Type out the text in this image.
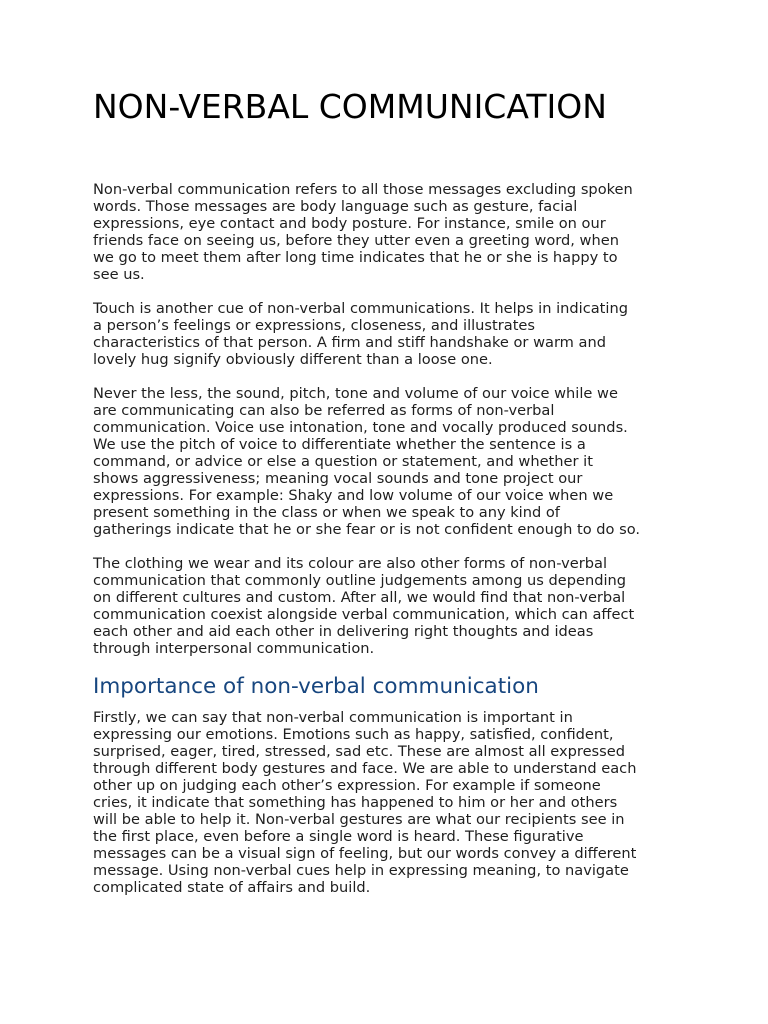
NON-VERBAL COMMUNICATION

Non-verbal communication refers to all those messages excluding spoken
words. Those messages are body language such as gesture, facial
expressions, eye contact and body posture. For instance, smile on our
friends face on seeing us, before they utter even a greeting word, when
we go to meet them after long time indicates that he or she is happy to
see us.

Touch is another cue of non-verbal communications. It helps in indicating
a person’s feelings or expressions, closeness, and illustrates
characteristics of that person. A firm and stiff handshake or warm and
lovely hug signify obviously different than a loose one.

Never the less, the sound, pitch, tone and volume of our voice while we
are communicating can also be referred as forms of non-verbal
communication. Voice use intonation, tone and vocally produced sounds.
We use the pitch of voice to differentiate whether the sentence is a
command, or advice or else a question or statement, and whether it
shows aggressiveness; meaning vocal sounds and tone project our
expressions. For example: Shaky and low volume of our voice when we
present something in the class or when we speak to any kind of
gatherings indicate that he or she fear or is not confident enough to do so.

The clothing we wear and its colour are also other forms of non-verbal
communication that commonly outline judgements among us depending
on different cultures and custom. After all, we would find that non-verbal
communication coexist alongside verbal communication, which can affect
each other and aid each other in delivering right thoughts and ideas
through interpersonal communication.

Importance of non-verbal communication

Firstly, we can say that non-verbal communication is important in
expressing our emotions. Emotions such as happy, satisfied, confident,
surprised, eager, tired, stressed, sad etc. These are almost all expressed
through different body gestures and face. We are able to understand each
other up on judging each other’s expression. For example if someone
cries, it indicate that something has happened to him or her and others
will be able to help it. Non-verbal gestures are what our recipients see in
the first place, even before a single word is heard. These figurative
messages can be a visual sign of feeling, but our words convey a different
message. Using non-verbal cues help in expressing meaning, to navigate
complicated state of affairs and build.
